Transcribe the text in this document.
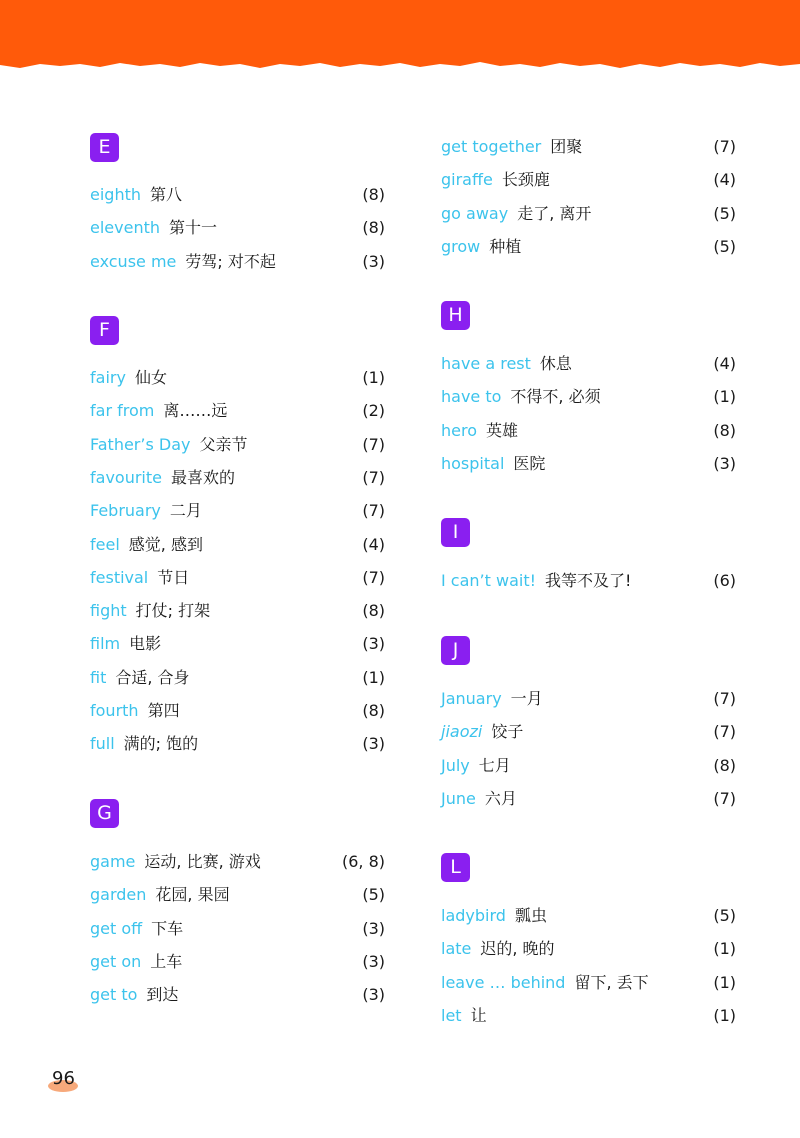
E
eighth 第八	(8)
eleventh 第十一	(8)
excuse me 劳驾; 对不起	(3)
F
fairy 仙女	(1)
far from 离……远	(2)
Father’s Day 父亲节	(7)
favourite 最喜欢的	(7)
February 二月	(7)
feel 感觉, 感到	(4)
festival 节日	(7)
fight 打仗; 打架	(8)
film 电影	(3)
fit 合适, 合身	(1)
fourth 第四	(8)
full 满的; 饱的	(3)
G
game 运动, 比赛, 游戏	(6, 8)
garden 花园, 果园	(5)
get off 下车	(3)
get on 上车	(3)
get to 到达	(3)
get together 团聚	(7)
giraffe 长颈鹿	(4)
go away 走了, 离开	(5)
grow 种植	(5)
H
have a rest 休息	(4)
have to 不得不, 必须	(1)
hero 英雄	(8)
hospital 医院	(3)
I
I can’t wait! 我等不及了!	(6)
J
January 一月	(7)
jiaozi 饺子	(7)
July 七月	(8)
June 六月	(7)
L
ladybird 瓢虫	(5)
late 迟的, 晚的	(1)
leave … behind 留下, 丢下	(1)
let 让	(1)
96
